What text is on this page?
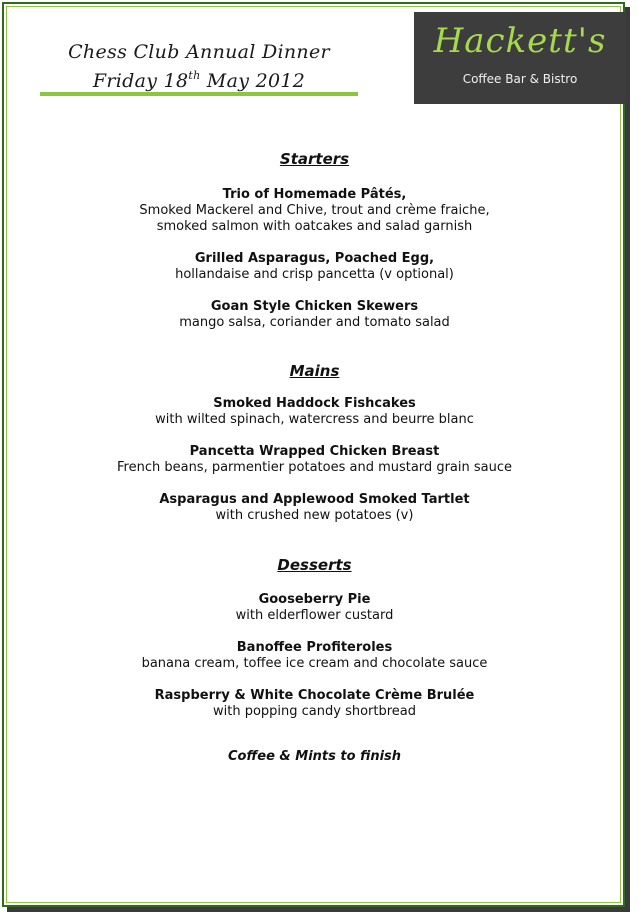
Chess Club Annual Dinner
Friday 18th May 2012
Hackett's
Coffee Bar & Bistro
Starters
Trio of Homemade Pâtés,
Smoked Mackerel and Chive, trout and crème fraiche,
smoked salmon with oatcakes and salad garnish
Grilled Asparagus, Poached Egg,
hollandaise and crisp pancetta (v optional)
Goan Style Chicken Skewers
mango salsa, coriander and tomato salad
Mains
Smoked Haddock Fishcakes
with wilted spinach, watercress and beurre blanc
Pancetta Wrapped Chicken Breast
French beans, parmentier potatoes and mustard grain sauce
Asparagus and Applewood Smoked Tartlet
with crushed new potatoes (v)
Desserts
Gooseberry Pie
with elderflower custard
Banoffee Profiteroles
banana cream, toffee ice cream and chocolate sauce
Raspberry & White Chocolate Crème Brulée
with popping candy shortbread
Coffee & Mints to finish
